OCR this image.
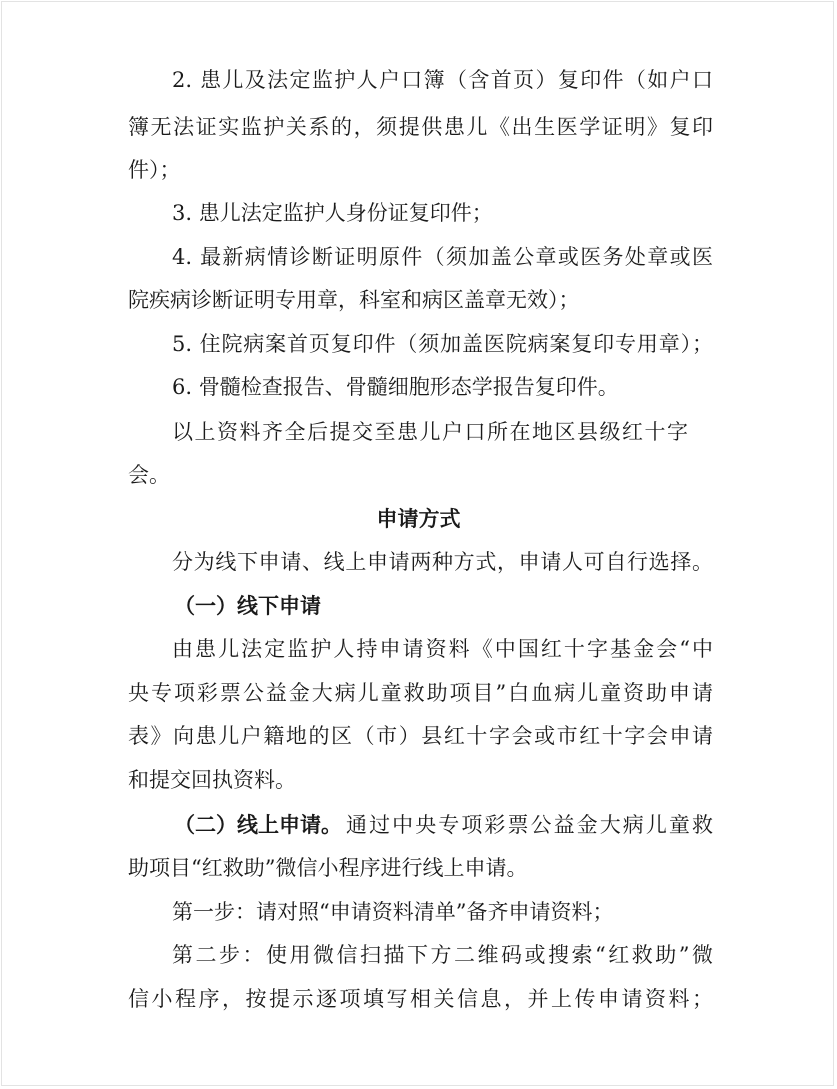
2. 患儿及法定监护人户口簿（含首页）复印件（如户口
簿无法证实监护关系的，须提供患儿《出生医学证明》复印
件）；
3. 患儿法定监护人身份证复印件；
4. 最新病情诊断证明原件（须加盖公章或医务处章或医
院疾病诊断证明专用章，科室和病区盖章无效）；
5. 住院病案首页复印件（须加盖医院病案复印专用章）；
6. 骨髓检查报告、骨髓细胞形态学报告复印件。
以上资料齐全后提交至患儿户口所在地区县级红十字
会。
申请方式
分为线下申请、线上申请两种方式，申请人可自行选择。
（一）线下申请
由患儿法定监护人持申请资料《中国红十字基金会“中
央专项彩票公益金大病儿童救助项目”白血病儿童资助申请
表》向患儿户籍地的区（市）县红十字会或市红十字会申请
和提交回执资料。
（二）线上申请。 通过中央专项彩票公益金大病儿童救
助项目“红救助”微信小程序进行线上申请。
第一步：请对照“申请资料清单”备齐申请资料；
第二步：使用微信扫描下方二维码或搜索“红救助”微
信小程序，按提示逐项填写相关信息，并上传申请资料；
